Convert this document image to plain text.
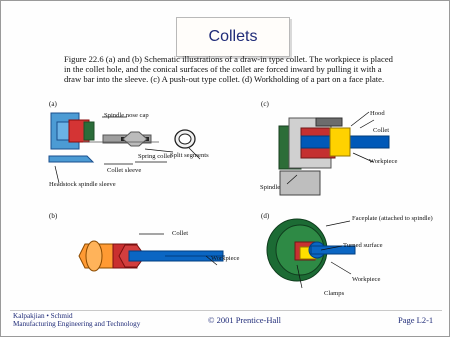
Collets
Figure 22.6 (a) and (b) Schematic illustrations of a draw-in type collet. The workpiece is placed in the collet hole, and the conical surfaces of the collet are forced inward by pulling it with a draw bar into the sleeve. (c) A push-out type collet. (d) Workholding of a part on a face plate.
(a)
Spindle nose cap
Spring collet
Collet sleeve
Headstock spindle sleeve
Split segments
(c)
Hood
Collet
Workpiece
Spindle
(b)
Collet
Workpiece
(d)	Faceplate (attached to spindle)
Turned surface
Workpiece
Clamps
Kalpakjian • Schmid
Manufacturing Engineering and Technology	© 2001 Prentice-Hall	Page L2-1
